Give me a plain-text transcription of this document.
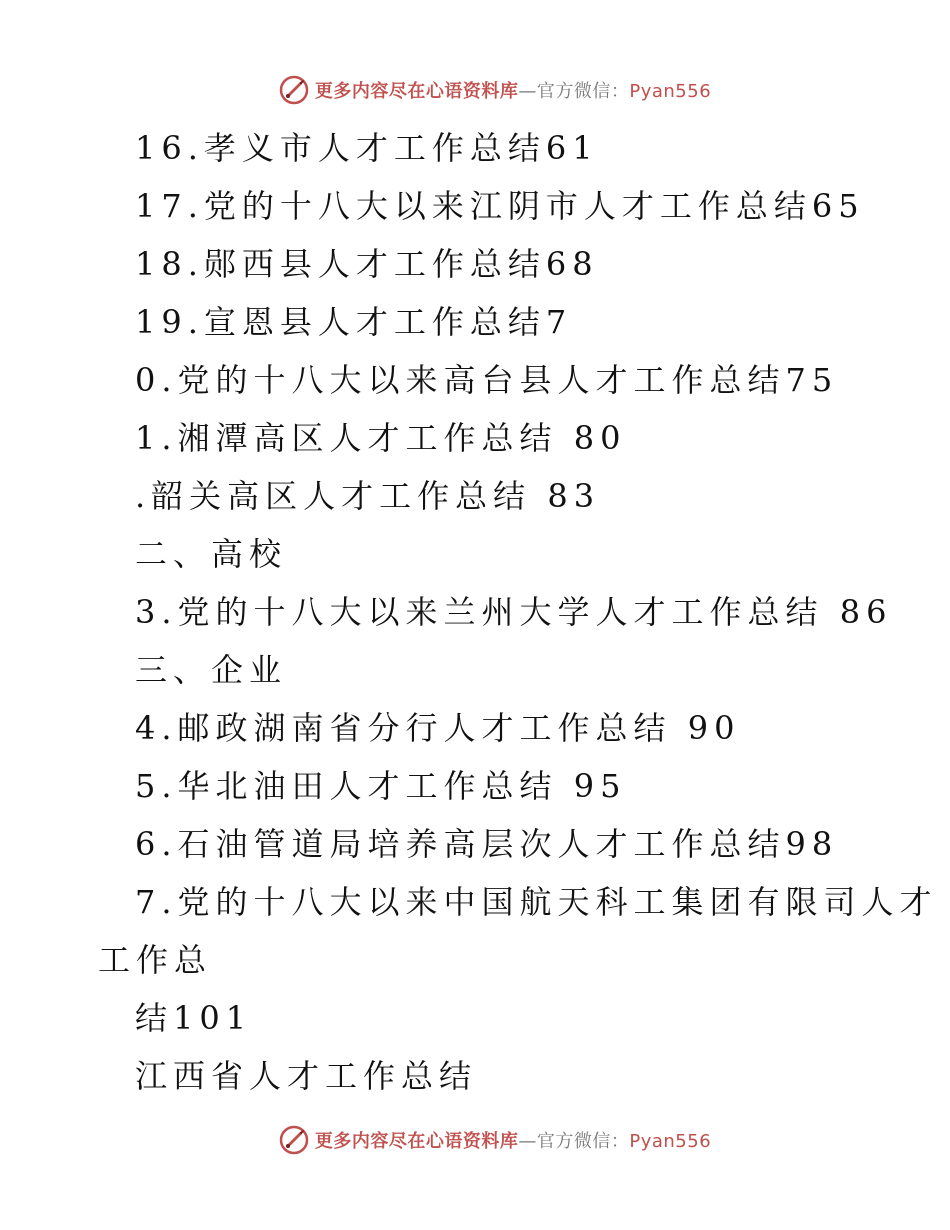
更多内容尽在心语资料库—官方微信：Pyan556
16.孝义市人才工作总结61
17.党的十八大以来江阴市人才工作总结65
18.郧西县人才工作总结68
19.宣恩县人才工作总结7
0.党的十八大以来高台县人才工作总结75
1.湘潭高区人才工作总结 80
.韶关高区人才工作总结 83
二、高校
3.党的十八大以来兰州大学人才工作总结 86
三、企业
4.邮政湖南省分行人才工作总结 90
5.华北油田人才工作总结 95
6.石油管道局培养高层次人才工作总结98
7.党的十八大以来中国航天科工集团有限司人才
工作总
结101
江西省人才工作总结
更多内容尽在心语资料库—官方微信：Pyan556
